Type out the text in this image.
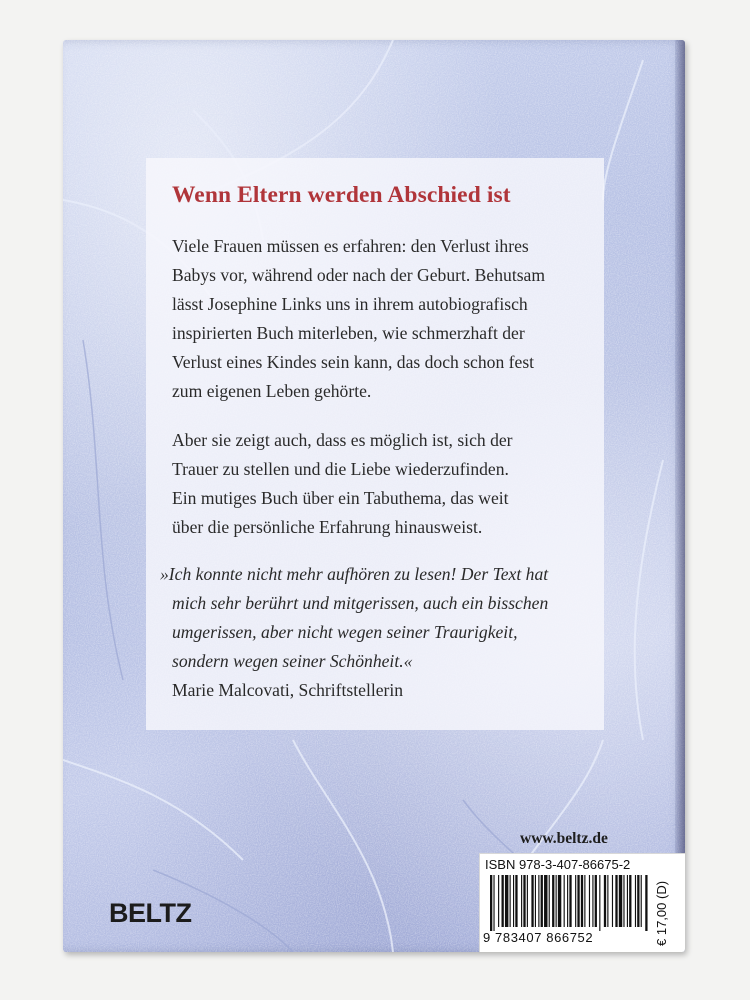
Wenn Eltern werden Abschied ist
Viele Frauen müssen es erfahren: den Verlust ihres
Babys vor, während oder nach der Geburt. Behutsam
lässt Josephine Links uns in ihrem autobiografisch
inspirierten Buch miterleben, wie schmerzhaft der
Verlust eines Kindes sein kann, das doch schon fest
zum eigenen Leben gehörte.
Aber sie zeigt auch, dass es möglich ist, sich der
Trauer zu stellen und die Liebe wiederzufinden.
Ein mutiges Buch über ein Tabuthema, das weit
über die persönliche Erfahrung hinausweist.
»Ich konnte nicht mehr aufhören zu lesen! Der Text hat
mich sehr berührt und mitgerissen, auch ein bisschen
umgerissen, aber nicht wegen seiner Traurigkeit,
sondern wegen seiner Schönheit.«

Marie Malcovati, Schriftstellerin

www.beltz.de
BELTZ
ISBN 978-3-407-86675-2
9 783407 866752	€ 17,00 (D)
